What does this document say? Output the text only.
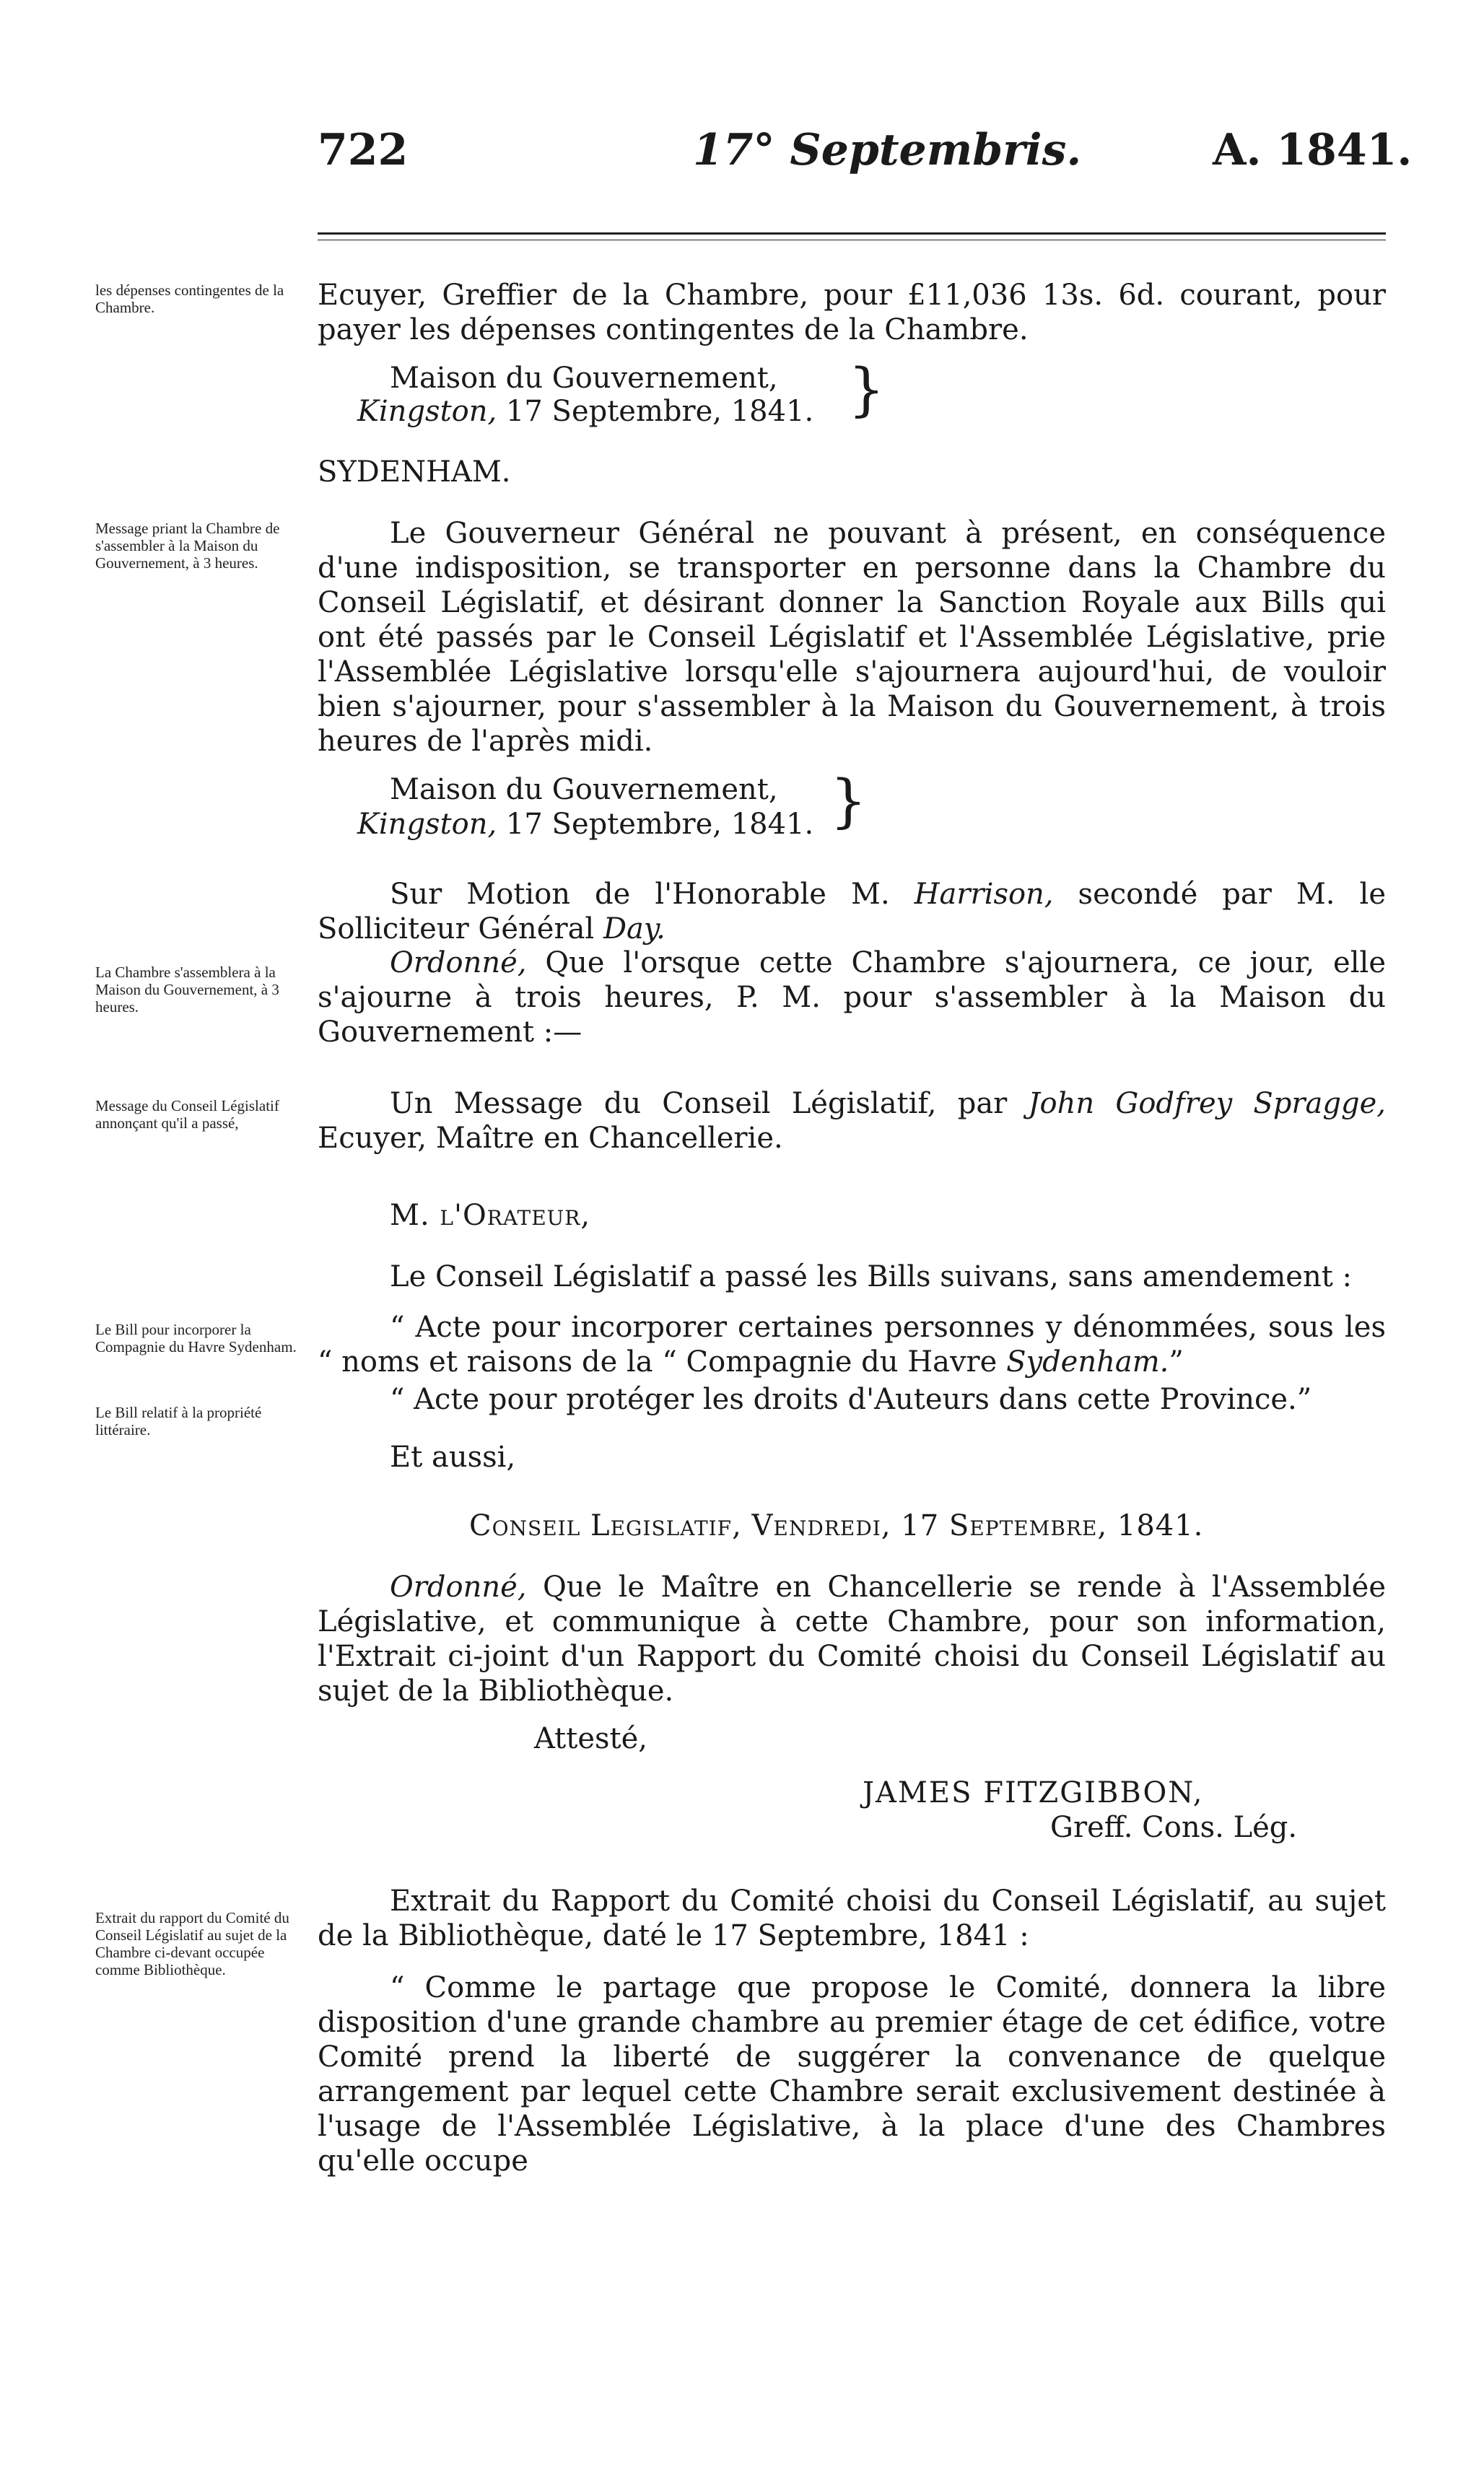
722	17° Septembris.	A. 1841.
les dépenses contingentes de la Chambre.
Message priant la Chambre de s'assembler à la Maison du Gouvernement, à 3 heures.
La Chambre s'assemblera à la Maison du Gouvernement, à 3 heures.
Message du Conseil Législatif annonçant qu'il a passé,
Le Bill pour incorporer la Compagnie du Havre Sydenham.
Le Bill relatif à la propriété littéraire.
Extrait du rapport du Comité du Conseil Législatif au sujet de la Chambre ci-devant occupée comme Bibliothèque.
Ecuyer, Greffier de la Chambre, pour £11,036 13s. 6d. courant, pour payer les dépenses contingentes de la Chambre.
Maison du Gouvernement,
Kingston, 17 Septembre, 1841. }
SYDENHAM.
Le Gouverneur Général ne pouvant à présent, en conséquence d'une indisposition, se transporter en personne dans la Chambre du Conseil Législatif, et désirant donner la Sanction Royale aux Bills qui ont été passés par le Conseil Législatif et l'Assemblée Législative, prie l'Assemblée Législative lorsqu'elle s'ajournera aujourd'hui, de vouloir bien s'ajourner, pour s'assembler à la Maison du Gouvernement, à trois heures de l'après midi.
Maison du Gouvernement,
Kingston, 17 Septembre, 1841. }
Sur Motion de l'Honorable M. Harrison, secondé par M. le Solliciteur Général Day.
Ordonné, Que l'orsque cette Chambre s'ajournera, ce jour, elle s'ajourne à trois heures, P. M. pour s'assembler à la Maison du Gouvernement :—
Un Message du Conseil Législatif, par John Godfrey Spragge, Ecuyer, Maître en Chancellerie.
M. l'Orateur,
Le Conseil Législatif a passé les Bills suivans, sans amendement :
“ Acte pour incorporer certaines personnes y dénommées, sous les “ noms et raisons de la “ Compagnie du Havre Sydenham.”
“ Acte pour protéger les droits d'Auteurs dans cette Province.”
Et aussi,
Conseil Legislatif, Vendredi, 17 Septembre, 1841.
Ordonné, Que le Maître en Chancellerie se rende à l'Assemblée Législative, et communique à cette Chambre, pour son information, l'Extrait ci-joint d'un Rapport du Comité choisi du Conseil Législatif au sujet de la Bibliothèque.
Attesté,
JAMES FITZGIBBON,
Greff. Cons. Lég.
Extrait du Rapport du Comité choisi du Conseil Législatif, au sujet de la Bibliothèque, daté le 17 Septembre, 1841 :
“ Comme le partage que propose le Comité, donnera la libre disposition d'une grande chambre au premier étage de cet édifice, votre Comité prend la liberté de suggérer la convenance de quelque arrangement par lequel cette Chambre serait exclusivement destinée à l'usage de l'Assemblée Législative, à la place d'une des Chambres qu'elle occupe
